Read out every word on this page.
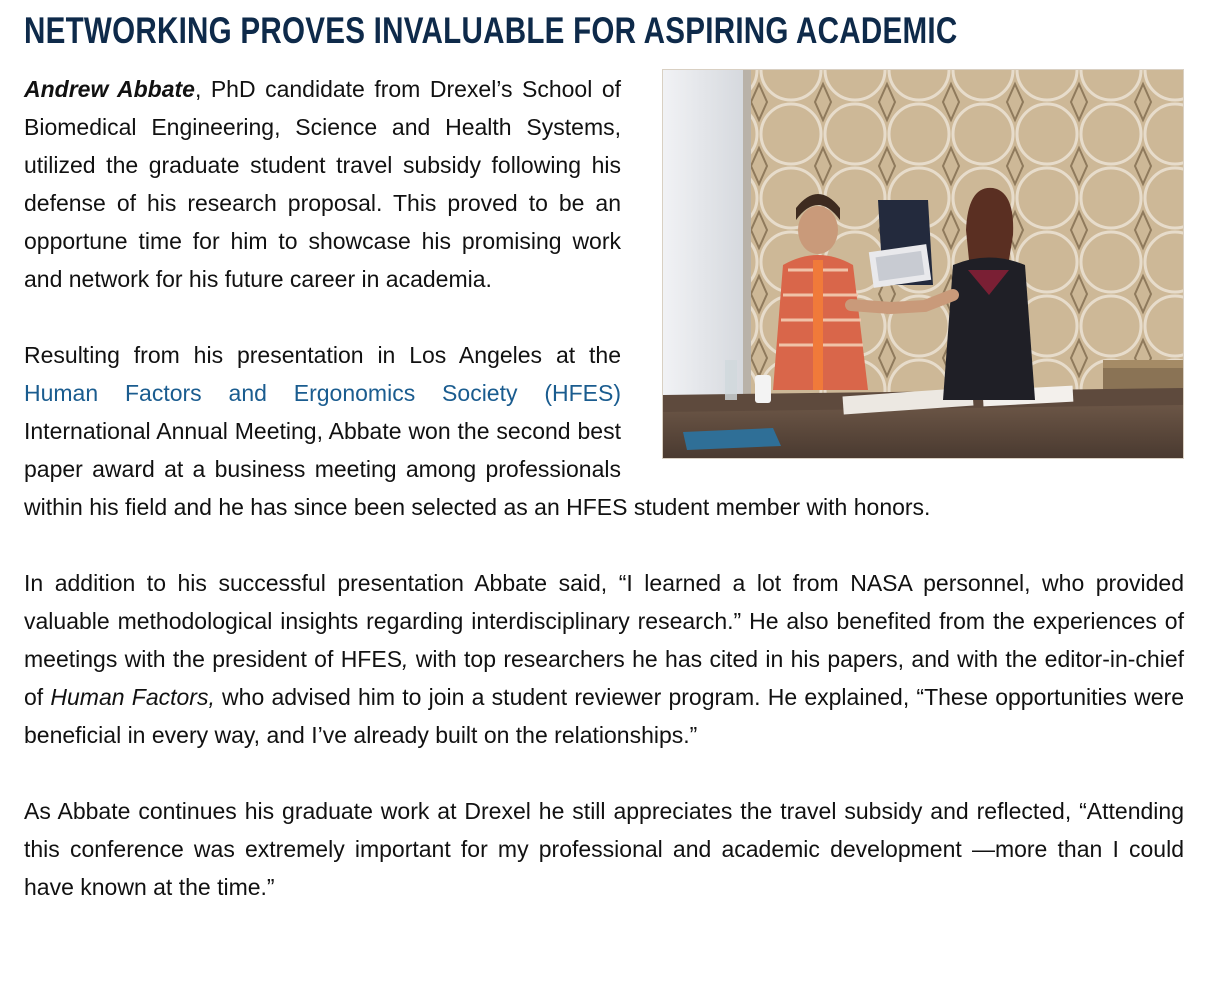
NETWORKING PROVES INVALUABLE FOR ASPIRING ACADEMIC

Andrew Abbate, PhD candidate from Drexel’s School of Biomedical Engineering, Science and Health Systems, utilized the graduate student travel subsidy following his defense of his research proposal. This proved to be an opportune time for him to showcase his promising work and network for his future career in academia.

Resulting from his presentation in Los Angeles at the Human Factors and Ergonomics Society (HFES) International Annual Meeting, Abbate won the second best paper award at a business meeting among professionals within his field and he has since been selected as an HFES student member with honors.

In addition to his successful presentation Abbate said, “I learned a lot from NASA personnel, who provided valuable methodological insights regarding interdisciplinary research.” He also benefited from the experiences of meetings with the president of HFES, with top researchers he has cited in his papers, and with the editor-in-chief of Human Factors, who advised him to join a student reviewer program. He explained, “These opportunities were beneficial in every way, and I’ve already built on the relationships.”

As Abbate continues his graduate work at Drexel he still appreciates the travel subsidy and reflected, “Attending this conference was extremely important for my professional and academic development —more than I could have known at the time.”
